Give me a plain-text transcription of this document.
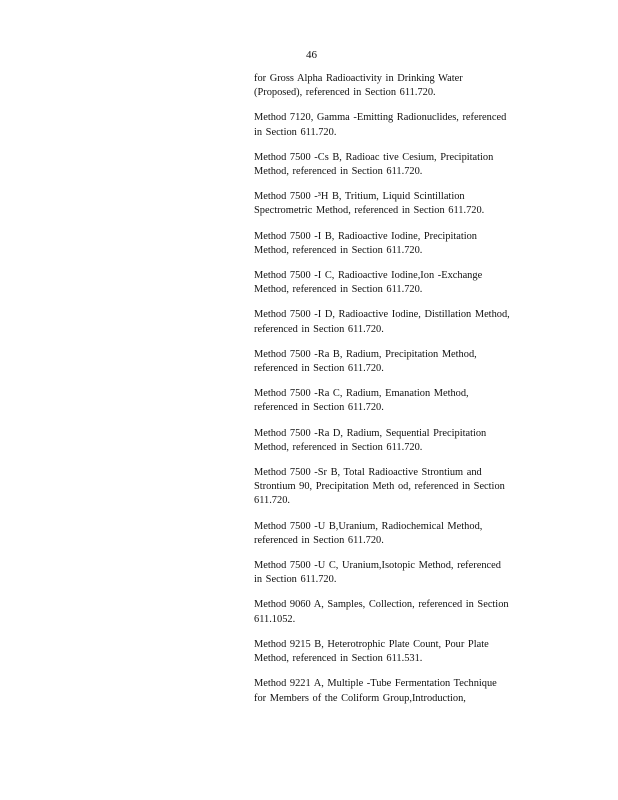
46

for Gross Alpha Radioactivity in Drinking Water
(Proposed), referenced in Section 611.720.

Method 7120, Gamma -Emitting Radionuclides, referenced
in Section 611.720.

Method 7500 -Cs B, Radioac tive Cesium, Precipitation
Method, referenced in Section 611.720.

Method 7500 -³H B, Tritium, Liquid Scintillation
Spectrometric Method, referenced in Section 611.720.

Method 7500 -I B, Radioactive Iodine, Precipitation
Method, referenced in Section 611.720.

Method 7500 -I C, Radioactive Iodine,Ion -Exchange
Method, referenced in Section 611.720.

Method 7500 -I D, Radioactive Iodine, Distillation Method,
referenced in Section 611.720.

Method 7500 -Ra B, Radium, Precipitation Method,
referenced in Section 611.720.

Method 7500 -Ra C, Radium, Emanation Method,
referenced in Section 611.720.

Method 7500 -Ra D, Radium, Sequential Precipitation
Method, referenced in Section 611.720.

Method 7500 -Sr B, Total Radioactive Strontium and
Strontium 90, Precipitation Meth od, referenced in Section
611.720.

Method 7500 -U B,Uranium, Radiochemical Method,
referenced in Section 611.720.

Method 7500 -U C, Uranium,Isotopic Method, referenced
in Section 611.720.

Method 9060 A, Samples, Collection, referenced in Section
611.1052.

Method 9215 B, Heterotrophic Plate Count, Pour Plate
Method, referenced in Section 611.531.

Method 9221 A, Multiple -Tube Fermentation Technique
for Members of the Coliform Group,Introduction,
